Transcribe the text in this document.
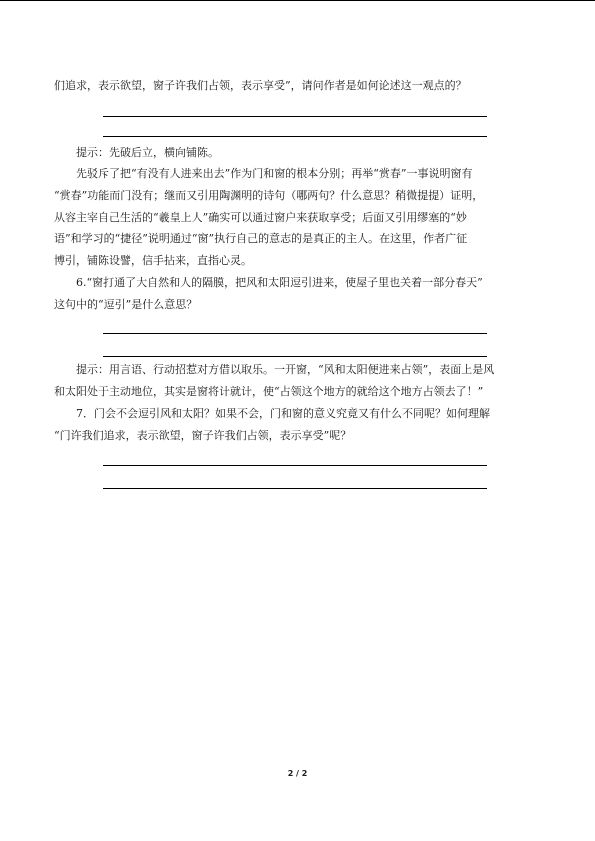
们追求，表示欲望，窗子许我们占领，表示享受”，请问作者是如何论述这一观点的？
提示：先破后立，横向铺陈。
先驳斥了把“有没有人进来出去”作为门和窗的根本分别；再举“赏春”一事说明窗有
“赏春”功能而门没有；继而又引用陶渊明的诗句（哪两句？什么意思？稍微提提）证明，
从容主宰自己生活的“羲皇上人”确实可以通过窗户来获取享受；后面又引用缪塞的“妙
语”和学习的“捷径”说明通过“窗”执行自己的意志的是真正的主人。在这里，作者广征
博引，铺陈设譬，信手拈来，直指心灵。
6.“窗打通了大自然和人的隔膜，把风和太阳逗引进来，使屋子里也关着一部分春天”
这句中的“逗引”是什么意思？
提示：用言语、行动招惹对方借以取乐。一开窗，“风和太阳便进来占领”，表面上是风
和太阳处于主动地位，其实是窗将计就计，使“占领这个地方的就给这个地方占领去了！”
7．门会不会逗引风和太阳？如果不会，门和窗的意义究竟又有什么不同呢？如何理解
“门许我们追求，表示欲望，窗子许我们占领，表示享受”呢？
2 / 2
